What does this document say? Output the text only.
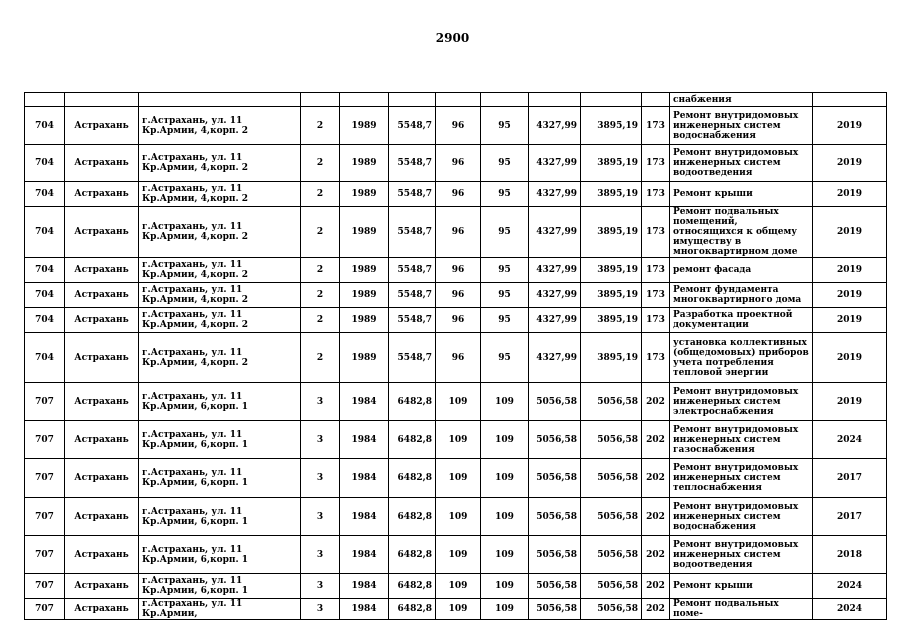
2900
											снабжения	
704	Астрахань	г.Астрахань, ул. 11 Кр.Армии, 4,корп. 2	2	1989	5548,7	96	95	4327,99	3895,19	173	Ремонт внутридомовых инженерных систем водоснабжения	2019
704	Астрахань	г.Астрахань, ул. 11 Кр.Армии, 4,корп. 2	2	1989	5548,7	96	95	4327,99	3895,19	173	Ремонт внутридомовых инженерных систем водоотведения	2019
704	Астрахань	г.Астрахань, ул. 11 Кр.Армии, 4,корп. 2	2	1989	5548,7	96	95	4327,99	3895,19	173	Ремонт крыши	2019
704	Астрахань	г.Астрахань, ул. 11 Кр.Армии, 4,корп. 2	2	1989	5548,7	96	95	4327,99	3895,19	173	Ремонт подвальных помещений, относящихся к общему имуществу в многоквартирном доме	2019
704	Астрахань	г.Астрахань, ул. 11 Кр.Армии, 4,корп. 2	2	1989	5548,7	96	95	4327,99	3895,19	173	ремонт фасада	2019
704	Астрахань	г.Астрахань, ул. 11 Кр.Армии, 4,корп. 2	2	1989	5548,7	96	95	4327,99	3895,19	173	Ремонт фундамента многоквартирного дома	2019
704	Астрахань	г.Астрахань, ул. 11 Кр.Армии, 4,корп. 2	2	1989	5548,7	96	95	4327,99	3895,19	173	Разработка проектной документации	2019
704	Астрахань	г.Астрахань, ул. 11 Кр.Армии, 4,корп. 2	2	1989	5548,7	96	95	4327,99	3895,19	173	установка коллективных (общедомовых) приборов учета потребления тепловой энергии	2019
707	Астрахань	г.Астрахань, ул. 11 Кр.Армии, 6,корп. 1	3	1984	6482,8	109	109	5056,58	5056,58	202	Ремонт внутридомовых инженерных систем электроснабжения	2019
707	Астрахань	г.Астрахань, ул. 11 Кр.Армии, 6,корп. 1	3	1984	6482,8	109	109	5056,58	5056,58	202	Ремонт внутридомовых инженерных систем газоснабжения	2024
707	Астрахань	г.Астрахань, ул. 11 Кр.Армии, 6,корп. 1	3	1984	6482,8	109	109	5056,58	5056,58	202	Ремонт внутридомовых инженерных систем теплоснабжения	2017
707	Астрахань	г.Астрахань, ул. 11 Кр.Армии, 6,корп. 1	3	1984	6482,8	109	109	5056,58	5056,58	202	Ремонт внутридомовых инженерных систем водоснабжения	2017
707	Астрахань	г.Астрахань, ул. 11 Кр.Армии, 6,корп. 1	3	1984	6482,8	109	109	5056,58	5056,58	202	Ремонт внутридомовых инженерных систем водоотведения	2018
707	Астрахань	г.Астрахань, ул. 11 Кр.Армии, 6,корп. 1	3	1984	6482,8	109	109	5056,58	5056,58	202	Ремонт крыши	2024
707	Астрахань	г.Астрахань, ул. 11 Кр.Армии,	3	1984	6482,8	109	109	5056,58	5056,58	202	Ремонт подвальных поме-	2024
